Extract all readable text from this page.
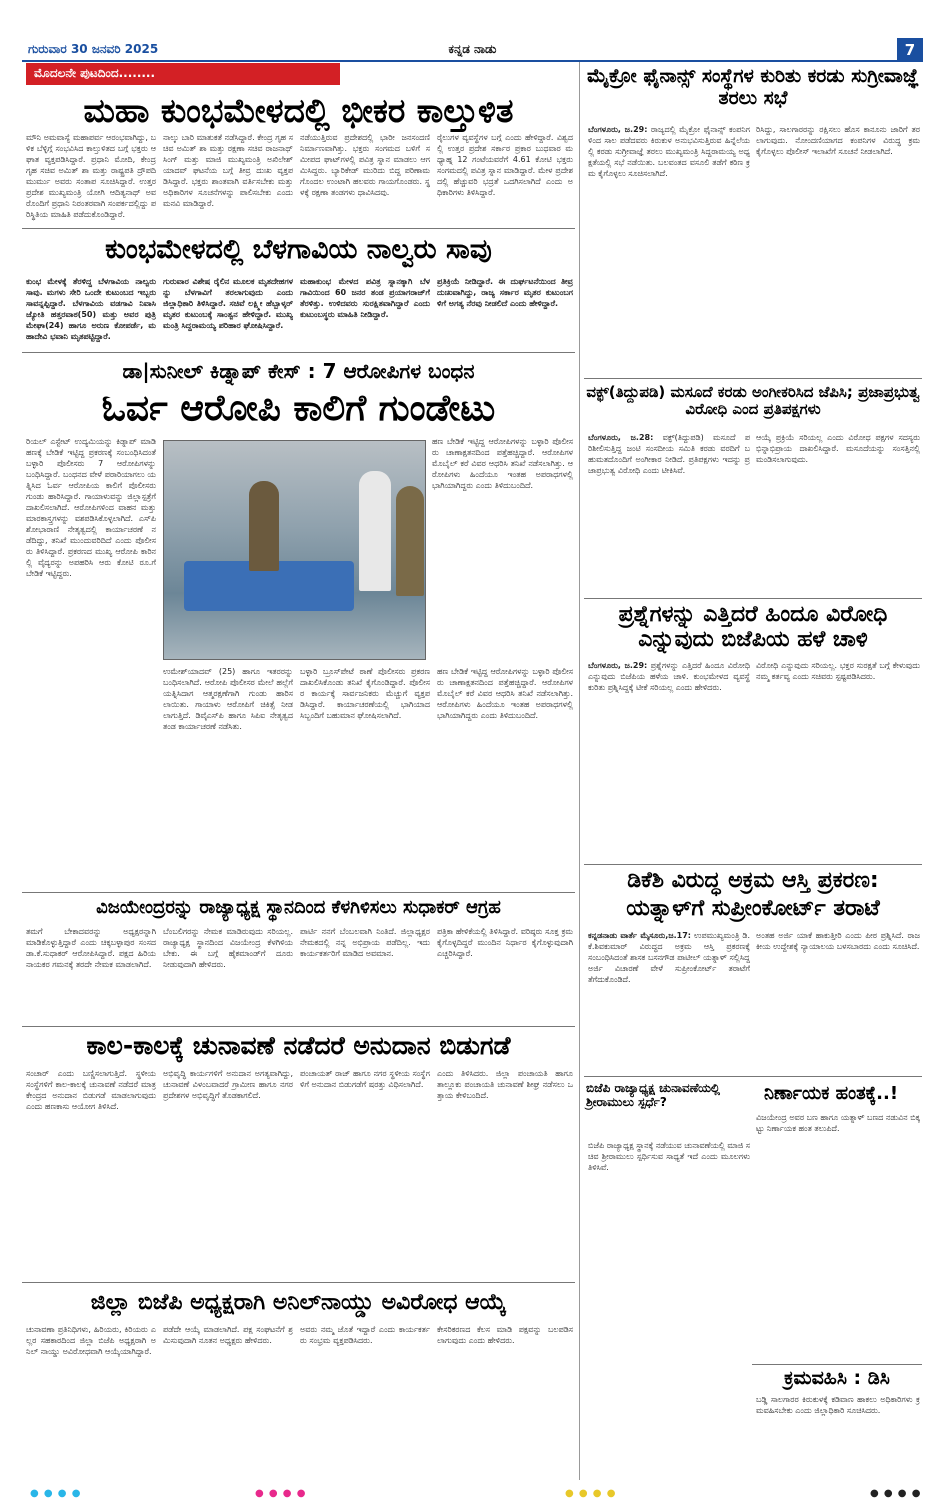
ಗುರುವಾರ 30 ಜನವರಿ 2025	ಕನ್ನಡ ನಾಡು	7
ಮೊದಲನೇ ಪುಟದಿಂದ........
ಮಹಾ ಕುಂಭಮೇಳದಲ್ಲಿ ಭೀಕರ ಕಾಲ್ತುಳಿತ
ಮೌನಿ ಅಮವಾಸ್ಯೆ ಮಹಾಪರ್ವ ಆರಂಭವಾಗಿದ್ದು, ಬಳಿಕ ಬೆಳ್ಳಿಗ್ಗೆ ಸಂಭವಿಸಿದ ಕಾಲ್ತುಳಿತದ ಬಗ್ಗೆ ಭಕ್ತರು ಆಘಾತ ವ್ಯಕ್ತಪಡಿಸಿದ್ದಾರೆ. ಪ್ರಧಾನಿ ಮೋದಿ, ಕೇಂದ್ರ ಗೃಹ ಸಚಿವ ಅಮಿತ್ ಶಾ ಮತ್ತು ರಾಷ್ಟ್ರಪತಿ ದ್ರೌಪದಿ ಮುರ್ಮು ಅವರು ಸಂತಾಪ ಸೂಚಿಸಿದ್ದಾರೆ. ಉತ್ತರ ಪ್ರದೇಶ ಮುಖ್ಯಮಂತ್ರಿ ಯೋಗಿ ಆದಿತ್ಯನಾಥ್ ಅವರೊಂದಿಗೆ ಪ್ರಧಾನಿ ನಿರಂತರವಾಗಿ ಸಂಪರ್ಕದಲ್ಲಿದ್ದು ಪರಿಸ್ಥಿತಿಯ ಮಾಹಿತಿ ಪಡೆದುಕೊಂಡಿದ್ದಾರೆ.
ನಾಲ್ಕು ಬಾರಿ ಮಾತುಕತೆ ನಡೆಸಿದ್ದಾರೆ. ಕೇಂದ್ರ ಗೃಹ ಸಚಿವ ಅಮಿತ್ ಶಾ ಮತ್ತು ರಕ್ಷಣಾ ಸಚಿವ ರಾಜನಾಥ್ ಸಿಂಗ್ ಮತ್ತು ಮಾಜಿ ಮುಖ್ಯಮಂತ್ರಿ ಅಖಿಲೇಶ್ ಯಾದವ್ ಘಟನೆಯ ಬಗ್ಗೆ ತೀವ್ರ ದುಃಖ ವ್ಯಕ್ತಪಡಿಸಿದ್ದಾರೆ. ಭಕ್ತರು ಶಾಂತವಾಗಿ ವರ್ತಿಸಬೇಕು ಮತ್ತು ಅಧಿಕಾರಿಗಳ ಸೂಚನೆಗಳನ್ನು ಪಾಲಿಸಬೇಕು ಎಂದು ಮನವಿ ಮಾಡಿದ್ದಾರೆ.
ನಡೆಯುತ್ತಿರುವ ಪ್ರದೇಶದಲ್ಲಿ ಭಾರೀ ಜನಸಂದಣಿ ನಿರ್ಮಾಣವಾಗಿತ್ತು. ಭಕ್ತರು ಸಂಗಮದ ಬಳಿಗೆ ಸಮೀಪದ ಘಾಟ್‌ಗಳಲ್ಲಿ ಪವಿತ್ರ ಸ್ನಾನ ಮಾಡಲು ಆಗಮಿಸಿದ್ದರು. ಬ್ಯಾರಿಕೇಡ್ ಮುರಿದು ಬಿದ್ದ ಪರಿಣಾಮ ಗೊಂದಲ ಉಂಟಾಗಿ ಹಲವರು ಗಾಯಗೊಂಡರು. ಸ್ಥಳಕ್ಕೆ ರಕ್ಷಣಾ ತಂಡಗಳು ಧಾವಿಸಿದವು.
ರೈಲುಗಳ ವ್ಯವಸ್ಥೆಗಳ ಬಗ್ಗೆ ಎಂದು ಹೇಳಿದ್ದಾರೆ. ವಿಶ್ವದಲ್ಲಿ ಉತ್ತರ ಪ್ರದೇಶ ಸರ್ಕಾರ ಪ್ರಕಾರ ಬುಧವಾರ ಮಧ್ಯಾಹ್ನ 12 ಗಂಟೆಯವರೆಗೆ 4.61 ಕೋಟಿ ಭಕ್ತರು ಸಂಗಮದಲ್ಲಿ ಪವಿತ್ರ ಸ್ನಾನ ಮಾಡಿದ್ದಾರೆ. ಮೇಳ ಪ್ರದೇಶದಲ್ಲಿ ಹೆಚ್ಚುವರಿ ಭದ್ರತೆ ಒದಗಿಸಲಾಗಿದೆ ಎಂದು ಅಧಿಕಾರಿಗಳು ತಿಳಿಸಿದ್ದಾರೆ.
ಕುಂಭಮೇಳದಲ್ಲಿ ಬೆಳಗಾವಿಯ ನಾಲ್ವರು ಸಾವು
ಕುಂಭ ಮೇಳಕ್ಕೆ ತೆರಳಿದ್ದ ಬೆಳಗಾವಿಯ ನಾಲ್ವರು ಸಾವು. ಮಗಳು ಸೇರಿ ಒಂದೇ ಕುಟುಂಬದ ಇಬ್ಬರು ಸಾವನ್ನಪ್ಪಿದ್ದಾರೆ. ಬೆಳಗಾವಿಯ ವಡಗಾವಿ ನಿವಾಸಿ ಜ್ಯೋತಿ ಹತ್ತರವಾಠ(50) ಮತ್ತು ಅವರ ಪುತ್ರಿ ಮೇಘಾ(24) ಹಾಗೂ ಅರುಣ ಕೋಪರ್ಡೆ, ಮಹಾದೇವಿ ಭವಾನಿ ಮೃತಪಟ್ಟಿದ್ದಾರೆ.
ಗುರುವಾರ ವಿಶೇಷ ರೈಲಿನ ಮೂಲಕ ಮೃತದೇಹಗಳನ್ನು ಬೆಳಗಾವಿಗೆ ತರಲಾಗುವುದು ಎಂದು ಜಿಲ್ಲಾಧಿಕಾರಿ ತಿಳಿಸಿದ್ದಾರೆ. ಸಚಿವೆ ಲಕ್ಷ್ಮೀ ಹೆಬ್ಬಾಳ್ಕರ್ ಮೃತರ ಕುಟುಂಬಕ್ಕೆ ಸಾಂತ್ವನ ಹೇಳಿದ್ದಾರೆ. ಮುಖ್ಯಮಂತ್ರಿ ಸಿದ್ದರಾಮಯ್ಯ ಪರಿಹಾರ ಘೋಷಿಸಿದ್ದಾರೆ.
ಮಹಾಕುಂಭ ಮೇಳದ ಪವಿತ್ರ ಸ್ನಾನಕ್ಕಾಗಿ ಬೆಳಗಾವಿಯಿಂದ 60 ಜನರ ತಂಡ ಪ್ರಯಾಗರಾಜ್‌ಗೆ ತೆರಳಿತ್ತು. ಉಳಿದವರು ಸುರಕ್ಷಿತವಾಗಿದ್ದಾರೆ ಎಂದು ಕುಟುಂಬಸ್ಥರು ಮಾಹಿತಿ ನೀಡಿದ್ದಾರೆ.
ಪ್ರತಿಕ್ರಿಯೆ ನೀಡಿದ್ದಾರೆ. ಈ ದುರ್ಘಟನೆಯಿಂದ ತೀವ್ರ ದುಃಖವಾಗಿದ್ದು, ರಾಜ್ಯ ಸರ್ಕಾರ ಮೃತರ ಕುಟುಂಬಗಳಿಗೆ ಅಗತ್ಯ ನೆರವು ನೀಡಲಿದೆ ಎಂದು ಹೇಳಿದ್ದಾರೆ.
ಡಾ|ಸುನೀಲ್ ಕಿಡ್ನಾಪ್ ಕೇಸ್ : 7 ಆರೋಪಿಗಳ ಬಂಧನ
ಓರ್ವ ಆರೋಪಿ ಕಾಲಿಗೆ ಗುಂಡೇಟು
ರಿಯಲ್ ಎಸ್ಟೇಟ್ ಉದ್ಯಮಿಯನ್ನು ಕಿಡ್ನಾಪ್ ಮಾಡಿ ಹಣಕ್ಕೆ ಬೇಡಿಕೆ ಇಟ್ಟಿದ್ದ ಪ್ರಕರಣಕ್ಕೆ ಸಂಬಂಧಿಸಿದಂತೆ ಬಳ್ಳಾರಿ ಪೊಲೀಸರು 7 ಆರೋಪಿಗಳನ್ನು ಬಂಧಿಸಿದ್ದಾರೆ. ಬಂಧನದ ವೇಳೆ ಪರಾರಿಯಾಗಲು ಯತ್ನಿಸಿದ ಓರ್ವ ಆರೋಪಿಯ ಕಾಲಿಗೆ ಪೊಲೀಸರು ಗುಂಡು ಹಾರಿಸಿದ್ದಾರೆ. ಗಾಯಾಳುವನ್ನು ಜಿಲ್ಲಾಸ್ಪತ್ರೆಗೆ ದಾಖಲಿಸಲಾಗಿದೆ. ಆರೋಪಿಗಳಿಂದ ವಾಹನ ಮತ್ತು ಮಾರಕಾಸ್ತ್ರಗಳನ್ನು ವಶಪಡಿಸಿಕೊಳ್ಳಲಾಗಿದೆ. ಎಸ್‌ಪಿ ಶೋಭಾರಾಣಿ ನೇತೃತ್ವದಲ್ಲಿ ಕಾರ್ಯಾಚರಣೆ ನಡೆದಿದ್ದು, ತನಿಖೆ ಮುಂದುವರಿದಿದೆ ಎಂದು ಪೊಲೀಸರು ತಿಳಿಸಿದ್ದಾರೆ. ಪ್ರಕರಣದ ಮುಖ್ಯ ಆರೋಪಿ ಕಾರಿನಲ್ಲಿ ವೈದ್ಯರನ್ನು ಅಪಹರಿಸಿ ಆರು ಕೋಟಿ ರೂ.ಗೆ ಬೇಡಿಕೆ ಇಟ್ಟಿದ್ದರು.
ಹಣ ಬೇಡಿಕೆ ಇಟ್ಟಿದ್ದ ಆರೋಪಿಗಳನ್ನು ಬಳ್ಳಾರಿ ಪೊಲೀಸರು ಚಾಣಾಕ್ಷತನದಿಂದ ಪತ್ತೆಹಚ್ಚಿದ್ದಾರೆ. ಆರೋಪಿಗಳ ಮೊಬೈಲ್ ಕರೆ ವಿವರ ಆಧರಿಸಿ ತನಿಖೆ ನಡೆಸಲಾಗಿತ್ತು. ಆರೋಪಿಗಳು ಹಿಂದೆಯೂ ಇಂತಹ ಅಪರಾಧಗಳಲ್ಲಿ ಭಾಗಿಯಾಗಿದ್ದರು ಎಂದು ತಿಳಿದುಬಂದಿದೆ.
ಉಮೇಶ್‌ಯಾದವ್ (25) ಹಾಗೂ ಇತರರನ್ನು ಬಂಧಿಸಲಾಗಿದೆ. ಆರೋಪಿ ಪೊಲೀಸರ ಮೇಲೆ ಹಲ್ಲೆಗೆ ಯತ್ನಿಸಿದಾಗ ಆತ್ಮರಕ್ಷಣೆಗಾಗಿ ಗುಂಡು ಹಾರಿಸಲಾಯಿತು. ಗಾಯಾಳು ಆರೋಪಿಗೆ ಚಿಕಿತ್ಸೆ ನೀಡಲಾಗುತ್ತಿದೆ. ಡಿವೈಎಸ್‌ಪಿ ಹಾಗೂ ಸಿಪಿಐ ನೇತೃತ್ವದ ತಂಡ ಕಾರ್ಯಾಚರಣೆ ನಡೆಸಿತು.
ಬಳ್ಳಾರಿ ಬ್ರೂಸ್‌ಪೇಟೆ ಠಾಣೆ ಪೊಲೀಸರು ಪ್ರಕರಣ ದಾಖಲಿಸಿಕೊಂಡು ತನಿಖೆ ಕೈಗೊಂಡಿದ್ದಾರೆ. ಪೊಲೀಸರ ಕಾರ್ಯಕ್ಕೆ ಸಾರ್ವಜನಿಕರು ಮೆಚ್ಚುಗೆ ವ್ಯಕ್ತಪಡಿಸಿದ್ದಾರೆ. ಕಾರ್ಯಾಚರಣೆಯಲ್ಲಿ ಭಾಗಿಯಾದ ಸಿಬ್ಬಂದಿಗೆ ಬಹುಮಾನ ಘೋಷಿಸಲಾಗಿದೆ.
ಹಣ ಬೇಡಿಕೆ ಇಟ್ಟಿದ್ದ ಆರೋಪಿಗಳನ್ನು ಬಳ್ಳಾರಿ ಪೊಲೀಸರು ಚಾಣಾಕ್ಷತನದಿಂದ ಪತ್ತೆಹಚ್ಚಿದ್ದಾರೆ. ಆರೋಪಿಗಳ ಮೊಬೈಲ್ ಕರೆ ವಿವರ ಆಧರಿಸಿ ತನಿಖೆ ನಡೆಸಲಾಗಿತ್ತು. ಆರೋಪಿಗಳು ಹಿಂದೆಯೂ ಇಂತಹ ಅಪರಾಧಗಳಲ್ಲಿ ಭಾಗಿಯಾಗಿದ್ದರು ಎಂದು ತಿಳಿದುಬಂದಿದೆ.
ವಿಜಯೇಂದ್ರರನ್ನು ರಾಜ್ಯಾಧ್ಯಕ್ಷ ಸ್ಥಾನದಿಂದ ಕೆಳಗಿಳಿಸಲು ಸುಧಾಕರ್ ಆಗ್ರಹ
ತಮಗೆ ಬೇಕಾದವರನ್ನು ಅಧ್ಯಕ್ಷರನ್ನಾಗಿ ಮಾಡಿಕೊಳ್ಳುತ್ತಿದ್ದಾರೆ ಎಂದು ಚಿಕ್ಕಬಳ್ಳಾಪುರ ಸಂಸದ ಡಾ.ಕೆ.ಸುಧಾಕರ್ ಆರೋಪಿಸಿದ್ದಾರೆ. ಪಕ್ಷದ ಹಿರಿಯ ನಾಯಕರ ಗಮನಕ್ಕೆ ತರದೇ ನೇಮಕ ಮಾಡಲಾಗಿದೆ.
ಬೆಂಬಲಿಗರನ್ನು ನೇಮಕ ಮಾಡಿರುವುದು ಸರಿಯಲ್ಲ. ರಾಜ್ಯಾಧ್ಯಕ್ಷ ಸ್ಥಾನದಿಂದ ವಿಜಯೇಂದ್ರ ಕೆಳಗಿಳಿಯಬೇಕು. ಈ ಬಗ್ಗೆ ಹೈಕಮಾಂಡ್‌ಗೆ ದೂರು ನೀಡುವುದಾಗಿ ಹೇಳಿದರು.
ಪಾರ್ಟಿ ನನಗೆ ಬೆಂಬಲವಾಗಿ ನಿಂತಿದೆ. ಜಿಲ್ಲಾಧ್ಯಕ್ಷರ ನೇಮಕದಲ್ಲಿ ನನ್ನ ಅಭಿಪ್ರಾಯ ಪಡೆದಿಲ್ಲ. ಇದು ಕಾರ್ಯಕರ್ತರಿಗೆ ಮಾಡಿದ ಅವಮಾನ.
ಪತ್ರಿಕಾ ಹೇಳಿಕೆಯಲ್ಲಿ ತಿಳಿಸಿದ್ದಾರೆ. ವರಿಷ್ಠರು ಸೂಕ್ತ ಕ್ರಮ ಕೈಗೊಳ್ಳದಿದ್ದರೆ ಮುಂದಿನ ನಿರ್ಧಾರ ಕೈಗೊಳ್ಳುವುದಾಗಿ ಎಚ್ಚರಿಸಿದ್ದಾರೆ.
ಕಾಲ-ಕಾಲಕ್ಕೆ ಚುನಾವಣೆ ನಡೆದರೆ ಅನುದಾನ ಬಿಡುಗಡೆ
ಸಂಚಾರ್ ಎಂದು ಬಣ್ಣಿಸಲಾಗುತ್ತಿದೆ. ಸ್ಥಳೀಯ ಸಂಸ್ಥೆಗಳಿಗೆ ಕಾಲ-ಕಾಲಕ್ಕೆ ಚುನಾವಣೆ ನಡೆದರೆ ಮಾತ್ರ ಕೇಂದ್ರದ ಅನುದಾನ ಬಿಡುಗಡೆ ಮಾಡಲಾಗುವುದು ಎಂದು ಹಣಕಾಸು ಆಯೋಗ ತಿಳಿಸಿದೆ.
ಅಭಿವೃದ್ಧಿ ಕಾರ್ಯಗಳಿಗೆ ಅನುದಾನ ಅಗತ್ಯವಾಗಿದ್ದು, ಚುನಾವಣೆ ವಿಳಂಬವಾದರೆ ಗ್ರಾಮೀಣ ಹಾಗೂ ನಗರ ಪ್ರದೇಶಗಳ ಅಭಿವೃದ್ಧಿಗೆ ತೊಡಕಾಗಲಿದೆ.
ಪಂಚಾಯತ್ ರಾಜ್ ಹಾಗೂ ನಗರ ಸ್ಥಳೀಯ ಸಂಸ್ಥೆಗಳಿಗೆ ಅನುದಾನ ಬಿಡುಗಡೆಗೆ ಷರತ್ತು ವಿಧಿಸಲಾಗಿದೆ.
ಎಂದು ತಿಳಿಸಿದರು. ಜಿಲ್ಲಾ ಪಂಚಾಯತಿ ಹಾಗೂ ತಾಲ್ಲೂಕು ಪಂಚಾಯತಿ ಚುನಾವಣೆ ಶೀಘ್ರ ನಡೆಸಲು ಒತ್ತಾಯ ಕೇಳಿಬಂದಿದೆ.
ಜಿಲ್ಲಾ ಬಿಜೆಪಿ ಅಧ್ಯಕ್ಷರಾಗಿ ಅನಿಲ್‌ನಾಯ್ಡು ಅವಿರೋಧ ಆಯ್ಕೆ
ಚುನಾವಣಾ ಪ್ರತಿನಿಧಿಗಳು, ಹಿರಿಯರು, ಕಿರಿಯರು ಎಲ್ಲರ ಸಹಕಾರದಿಂದ ಜಿಲ್ಲಾ ಬಿಜೆಪಿ ಅಧ್ಯಕ್ಷರಾಗಿ ಅನಿಲ್ ನಾಯ್ಡು ಅವಿರೋಧವಾಗಿ ಆಯ್ಕೆಯಾಗಿದ್ದಾರೆ.
ಪಡೆದೇ ಆಯ್ಕೆ ಮಾಡಲಾಗಿದೆ. ಪಕ್ಷ ಸಂಘಟನೆಗೆ ಶ್ರಮಿಸುವುದಾಗಿ ನೂತನ ಅಧ್ಯಕ್ಷರು ಹೇಳಿದರು.
ಅವರು ನಮ್ಮ ಜೊತೆ ಇದ್ದಾರೆ ಎಂದು ಕಾರ್ಯಕರ್ತರು ಸಂಭ್ರಮ ವ್ಯಕ್ತಪಡಿಸಿದರು.
ಕೇಸರಿಕರಣದ ಕೆಲಸ ಮಾಡಿ ಪಕ್ಷವನ್ನು ಬಲಪಡಿಸಲಾಗುವುದು ಎಂದು ಹೇಳಿದರು.
ಮೈಕ್ರೋ ಫೈನಾನ್ಸ್ ಸಂಸ್ಥೆಗಳ ಕುರಿತು ಕರಡು ಸುಗ್ರೀವಾಜ್ಞೆ ತರಲು ಸಭೆ
ಬೆಂಗಳೂರು, ಜ.29: ರಾಜ್ಯದಲ್ಲಿ ಮೈಕ್ರೋ ಫೈನಾನ್ಸ್ ಕಂಪನಿಗಳಿಂದ ಸಾಲ ಪಡೆದವರು ಕಿರುಕುಳ ಅನುಭವಿಸುತ್ತಿರುವ ಹಿನ್ನೆಲೆಯಲ್ಲಿ ಕರಡು ಸುಗ್ರೀವಾಜ್ಞೆ ತರಲು ಮುಖ್ಯಮಂತ್ರಿ ಸಿದ್ದರಾಮಯ್ಯ ಅಧ್ಯಕ್ಷತೆಯಲ್ಲಿ ಸಭೆ ನಡೆಯಿತು. ಬಲವಂತದ ವಸೂಲಿ ತಡೆಗೆ ಕಠಿಣ ಕ್ರಮ ಕೈಗೊಳ್ಳಲು ಸೂಚಿಸಲಾಗಿದೆ.
ರಿಸಿದ್ದು, ಸಾಲಗಾರರನ್ನು ರಕ್ಷಿಸಲು ಹೊಸ ಕಾನೂನು ಜಾರಿಗೆ ತರಲಾಗುವುದು. ನೋಂದಣಿಯಾಗದ ಕಂಪನಿಗಳ ವಿರುದ್ಧ ಕ್ರಮ ಕೈಗೊಳ್ಳಲು ಪೊಲೀಸ್ ಇಲಾಖೆಗೆ ಸೂಚನೆ ನೀಡಲಾಗಿದೆ.
ವಕ್ಫ್(ತಿದ್ದುಪಡಿ) ಮಸೂದೆ ಕರಡು ಅಂಗೀಕರಿಸಿದ ಜೆಪಿಸಿ; ಪ್ರಜಾಪ್ರಭುತ್ವ ವಿರೋಧಿ ಎಂದ ಪ್ರತಿಪಕ್ಷಗಳು
ಬೆಂಗಳೂರು, ಜ.28: ವಕ್ಫ್(ತಿದ್ದುಪಡಿ) ಮಸೂದೆ ಪರಿಶೀಲಿಸುತ್ತಿದ್ದ ಜಂಟಿ ಸಂಸದೀಯ ಸಮಿತಿ ಕರಡು ವರದಿಗೆ ಬಹುಮತದೊಂದಿಗೆ ಅಂಗೀಕಾರ ನೀಡಿದೆ. ಪ್ರತಿಪಕ್ಷಗಳು ಇದನ್ನು ಪ್ರಜಾಪ್ರಭುತ್ವ ವಿರೋಧಿ ಎಂದು ಟೀಕಿಸಿವೆ.
ಆಯ್ಕೆ ಪ್ರಕ್ರಿಯೆ ಸರಿಯಲ್ಲ ಎಂದು ವಿರೋಧ ಪಕ್ಷಗಳ ಸದಸ್ಯರು ಭಿನ್ನಾಭಿಪ್ರಾಯ ದಾಖಲಿಸಿದ್ದಾರೆ. ಮಸೂದೆಯನ್ನು ಸಂಸತ್ತಿನಲ್ಲಿ ಮಂಡಿಸಲಾಗುವುದು.
ಪ್ರಶ್ನೆಗಳನ್ನು ಎತ್ತಿದರೆ ಹಿಂದೂ ವಿರೋಧಿ ಎನ್ನುವುದು ಬಿಜೆಪಿಯ ಹಳೆ ಚಾಳಿ
ಬೆಂಗಳೂರು, ಜ.29: ಪ್ರಶ್ನೆಗಳನ್ನು ಎತ್ತಿದರೆ ಹಿಂದೂ ವಿರೋಧಿ ಎನ್ನುವುದು ಬಿಜೆಪಿಯ ಹಳೆಯ ಚಾಳಿ. ಕುಂಭಮೇಳದ ವ್ಯವಸ್ಥೆ ಕುರಿತು ಪ್ರಶ್ನಿಸಿದ್ದಕ್ಕೆ ಟೀಕೆ ಸರಿಯಲ್ಲ ಎಂದು ಹೇಳಿದರು.
ವಿರೋಧಿ ಎನ್ನುವುದು ಸರಿಯಲ್ಲ. ಭಕ್ತರ ಸುರಕ್ಷತೆ ಬಗ್ಗೆ ಕೇಳುವುದು ನಮ್ಮ ಕರ್ತವ್ಯ ಎಂದು ಸಚಿವರು ಸ್ಪಷ್ಟಪಡಿಸಿದರು.
ಡಿಕೆಶಿ ವಿರುದ್ಧ ಅಕ್ರಮ ಆಸ್ತಿ ಪ್ರಕರಣ:
ಯತ್ನಾಳ್‌ಗೆ ಸುಪ್ರೀಂಕೋರ್ಟ್ ತರಾಟೆ
ಕನ್ನಡನಾಡು ವಾರ್ತೆ ಮೈಸೂರು,ಜ.17: ಉಪಮುಖ್ಯಮಂತ್ರಿ ಡಿ.ಕೆ.ಶಿವಕುಮಾರ್ ವಿರುದ್ಧದ ಅಕ್ರಮ ಆಸ್ತಿ ಪ್ರಕರಣಕ್ಕೆ ಸಂಬಂಧಿಸಿದಂತೆ ಶಾಸಕ ಬಸನಗೌಡ ಪಾಟೀಲ್ ಯತ್ನಾಳ್ ಸಲ್ಲಿಸಿದ್ದ ಅರ್ಜಿ ವಿಚಾರಣೆ ವೇಳೆ ಸುಪ್ರೀಂಕೋರ್ಟ್ ತರಾಟೆಗೆ ತೆಗೆದುಕೊಂಡಿದೆ.
ಅಂತಹ ಅರ್ಜಿ ಯಾಕೆ ಹಾಕುತ್ತೀರಿ ಎಂದು ಪೀಠ ಪ್ರಶ್ನಿಸಿದೆ. ರಾಜಕೀಯ ಉದ್ದೇಶಕ್ಕೆ ನ್ಯಾಯಾಲಯ ಬಳಸಬಾರದು ಎಂದು ಸೂಚಿಸಿದೆ.
ಬಿಜೆಪಿ ರಾಜ್ಯಾಧ್ಯಕ್ಷ ಚುನಾವಣೆಯಲ್ಲಿ ಶ್ರೀರಾಮುಲು ಸ್ಪರ್ಧೆ?	ನಿರ್ಣಾಯಕ ಹಂತಕ್ಕೆ..!
ಬಿಜೆಪಿ ರಾಜ್ಯಾಧ್ಯಕ್ಷ ಸ್ಥಾನಕ್ಕೆ ನಡೆಯುವ ಚುನಾವಣೆಯಲ್ಲಿ ಮಾಜಿ ಸಚಿವ ಶ್ರೀರಾಮುಲು ಸ್ಪರ್ಧಿಸುವ ಸಾಧ್ಯತೆ ಇದೆ ಎಂದು ಮೂಲಗಳು ತಿಳಿಸಿವೆ.
ವಿಜಯೇಂದ್ರ ಅವರ ಬಣ ಹಾಗೂ ಯತ್ನಾಳ್ ಬಣದ ನಡುವಿನ ಬಿಕ್ಕಟ್ಟು ನಿರ್ಣಾಯಕ ಹಂತ ತಲುಪಿದೆ.
ಕ್ರಮವಹಿಸಿ : ಡಿಸಿ
ಬಡ್ಡಿ ಸಾಲಗಾರರ ಕಿರುಕುಳಕ್ಕೆ ಕಡಿವಾಣ ಹಾಕಲು ಅಧಿಕಾರಿಗಳು ಕ್ರಮವಹಿಸಬೇಕು ಎಂದು ಜಿಲ್ಲಾಧಿಕಾರಿ ಸೂಚಿಸಿದರು.
● ● ● ●	● ● ● ●	● ● ● ●	● ● ● ●
